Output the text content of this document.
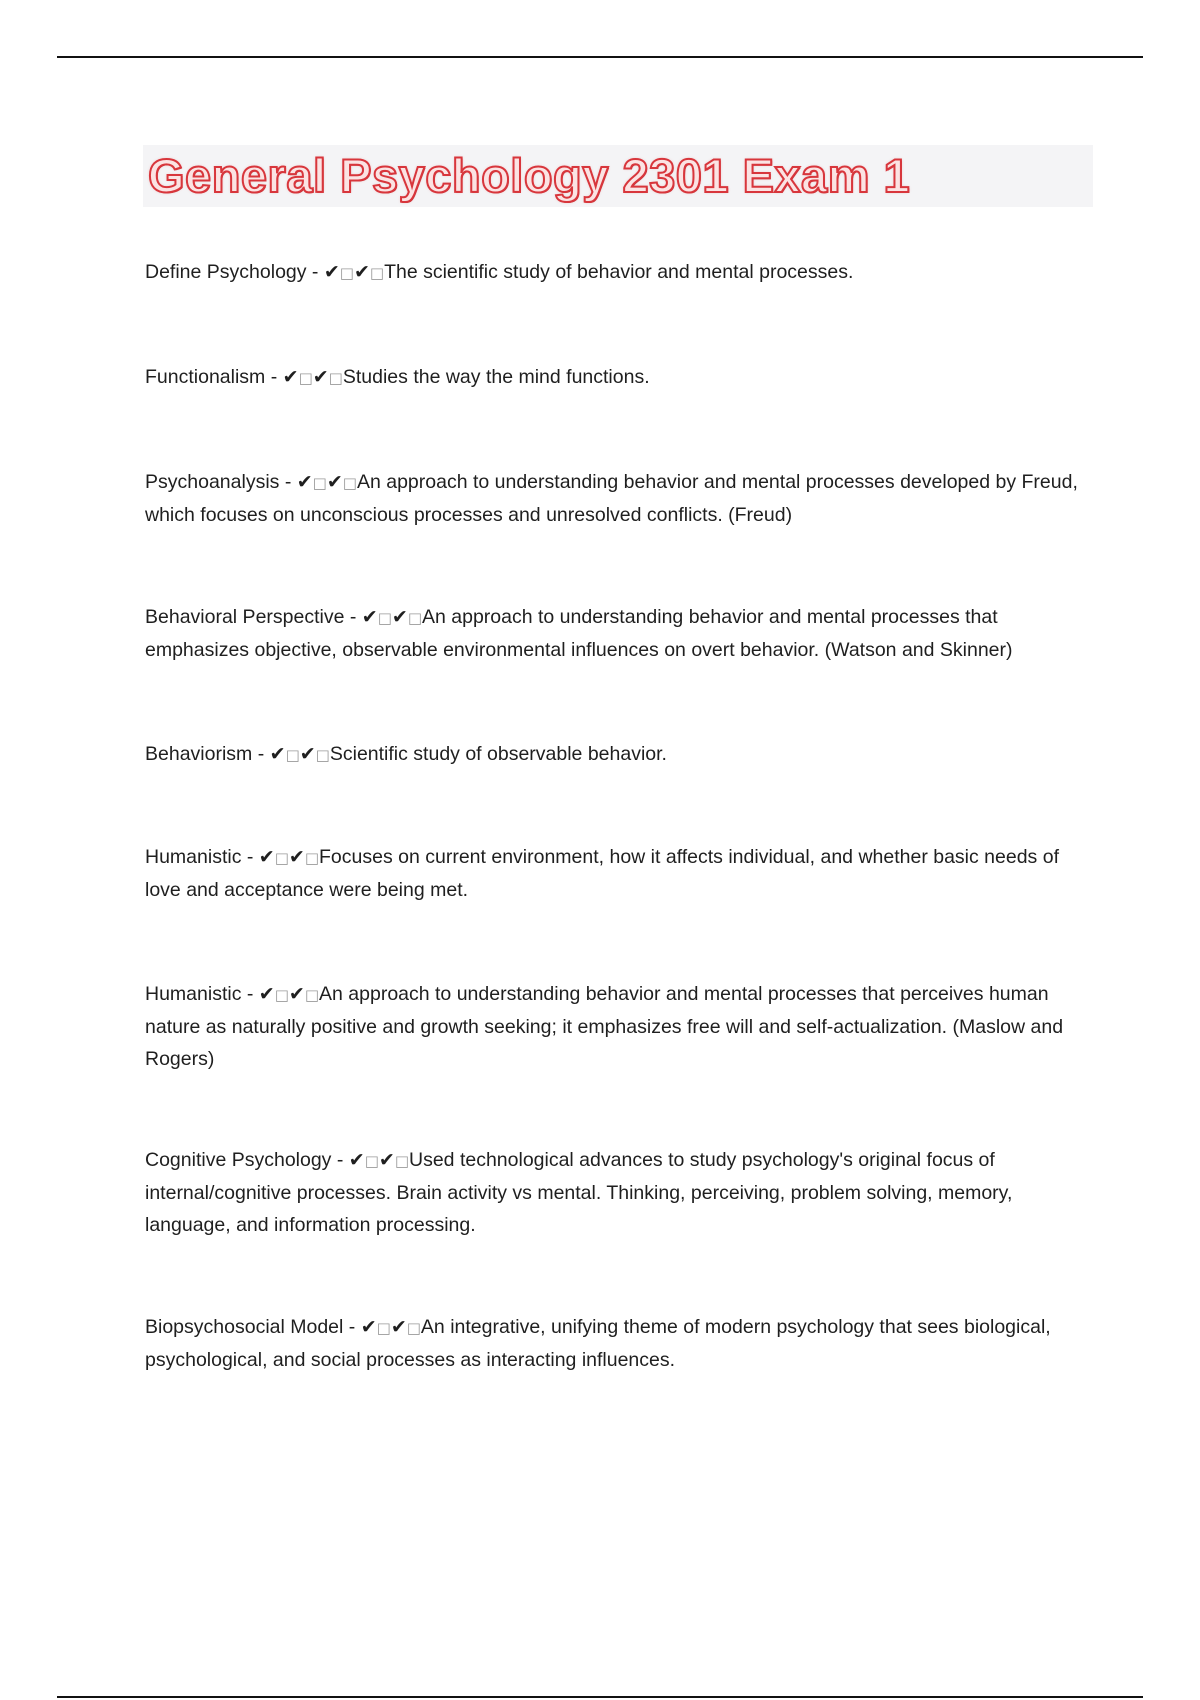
General Psychology 2301 Exam 1

Define Psychology - ✔□✔□The scientific study of behavior and mental processes.

Functionalism - ✔□✔□Studies the way the mind functions.

Psychoanalysis - ✔□✔□An approach to understanding behavior and mental processes developed by Freud, which focuses on unconscious processes and unresolved conflicts. (Freud)

Behavioral Perspective - ✔□✔□An approach to understanding behavior and mental processes that emphasizes objective, observable environmental influences on overt behavior. (Watson and Skinner)

Behaviorism - ✔□✔□Scientific study of observable behavior.

Humanistic - ✔□✔□Focuses on current environment, how it affects individual, and whether basic needs of love and acceptance were being met.

Humanistic - ✔□✔□An approach to understanding behavior and mental processes that perceives human nature as naturally positive and growth seeking; it emphasizes free will and self-actualization. (Maslow and Rogers)

Cognitive Psychology - ✔□✔□Used technological advances to study psychology's original focus of internal/cognitive processes. Brain activity vs mental. Thinking, perceiving, problem solving, memory, language, and information processing.

Biopsychosocial Model - ✔□✔□An integrative, unifying theme of modern psychology that sees biological, psychological, and social processes as interacting influences.
